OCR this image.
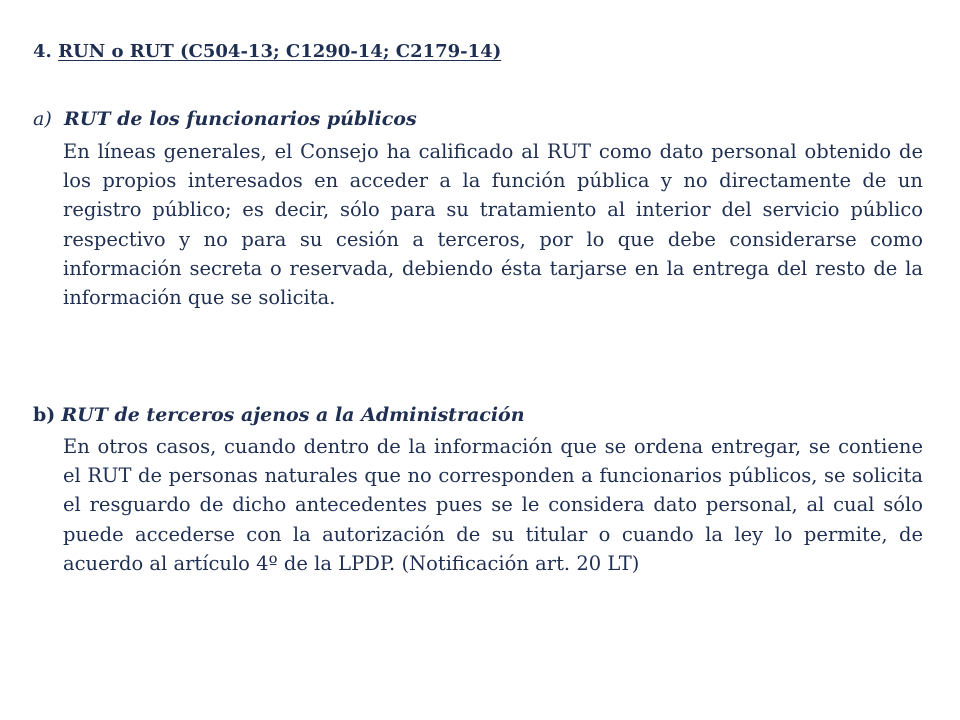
4. RUN o RUT (C504-13; C1290-14; C2179-14)
a) RUT de los funcionarios públicos

En líneas generales, el Consejo ha calificado al RUT como dato personal obtenido de los propios interesados en acceder a la función pública y no directamente de un registro público; es decir, sólo para su tratamiento al interior del servicio público respectivo y no para su cesión a terceros, por lo que debe considerarse como información secreta o reservada, debiendo ésta tarjarse en la entrega del resto de la información que se solicita.

b) RUT de terceros ajenos a la Administración

En otros casos, cuando dentro de la información que se ordena entregar, se contiene el RUT de personas naturales que no corresponden a funcionarios públicos, se solicita el resguardo de dicho antecedentes pues se le considera dato personal, al cual sólo puede accederse con la autorización de su titular o cuando la ley lo permite, de acuerdo al artículo 4º de la LPDP. (Notificación art. 20 LT)
